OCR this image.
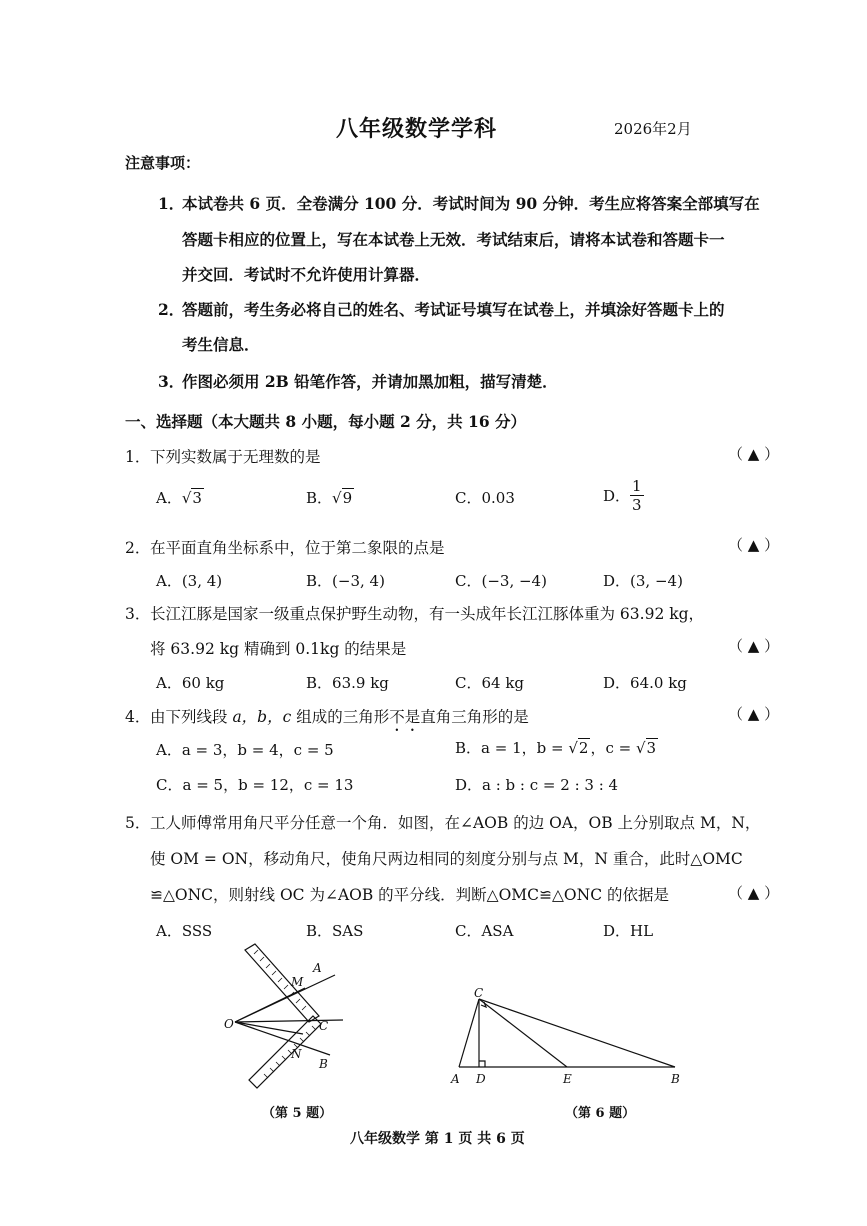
八年级数学学科	2026年2月
注意事项：
1．
本试卷共 6 页．全卷满分 100 分．考试时间为 90 分钟．考生应将答案全部填写在
答题卡相应的位置上，写在本试卷上无效．考试结束后，请将本试卷和答题卡一
并交回．考试时不允许使用计算器．
2．
答题前，考生务必将自己的姓名、考试证号填写在试卷上，并填涂好答题卡上的
考生信息．
3．
作图必须用 2B 铅笔作答，并请加黑加粗，描写清楚．
一、选择题（本大题共 8 小题，每小题 2 分，共 16 分）
1． 下列实数属于无理数的是	（ ▲ ）
A．√3	B．√9	C．0.03	D． $\frac{1}{3}$
2． 在平面直角坐标系中，位于第二象限的点是	（ ▲ ）
A．(3, 4)	B．(−3, 4)	C．(−3, −4)	D．(3, −4)
3． 长江江豚是国家一级重点保护野生动物，有一头成年长江江豚体重为 63.92 kg，
将 63.92 kg 精确到 0.1kg 的结果是	（ ▲ ）
A．60 kg	B．63.9 kg	C．64 kg	D．64.0 kg
4． 由下列线段 a，b，c 组成的三角形不是直角三角形的是	（ ▲ ）
A．a = 3，b = 4，c = 5	B．a = 1，b = √2 ，c = √3
C．a = 5，b = 12，c = 13	D．a : b : c = 2 : 3 : 4
5． 工人师傅常用角尺平分任意一个角．如图，在∠AOB 的边 OA，OB 上分别取点 M，N，
使 OM = ON，移动角尺，使角尺两边相同的刻度分别与点 M，N 重合，此时△OMC
≌△ONC，则射线 OC 为∠AOB 的平分线．判断△OMC≌△ONC 的依据是	（ ▲ ）
A．SSS	B．SAS	C．ASA	D．HL
A
M
O	C
N
B
（第 5 题）
C
A D	E	B
（第 6 题）
八年级数学 第 1 页 共 6 页
